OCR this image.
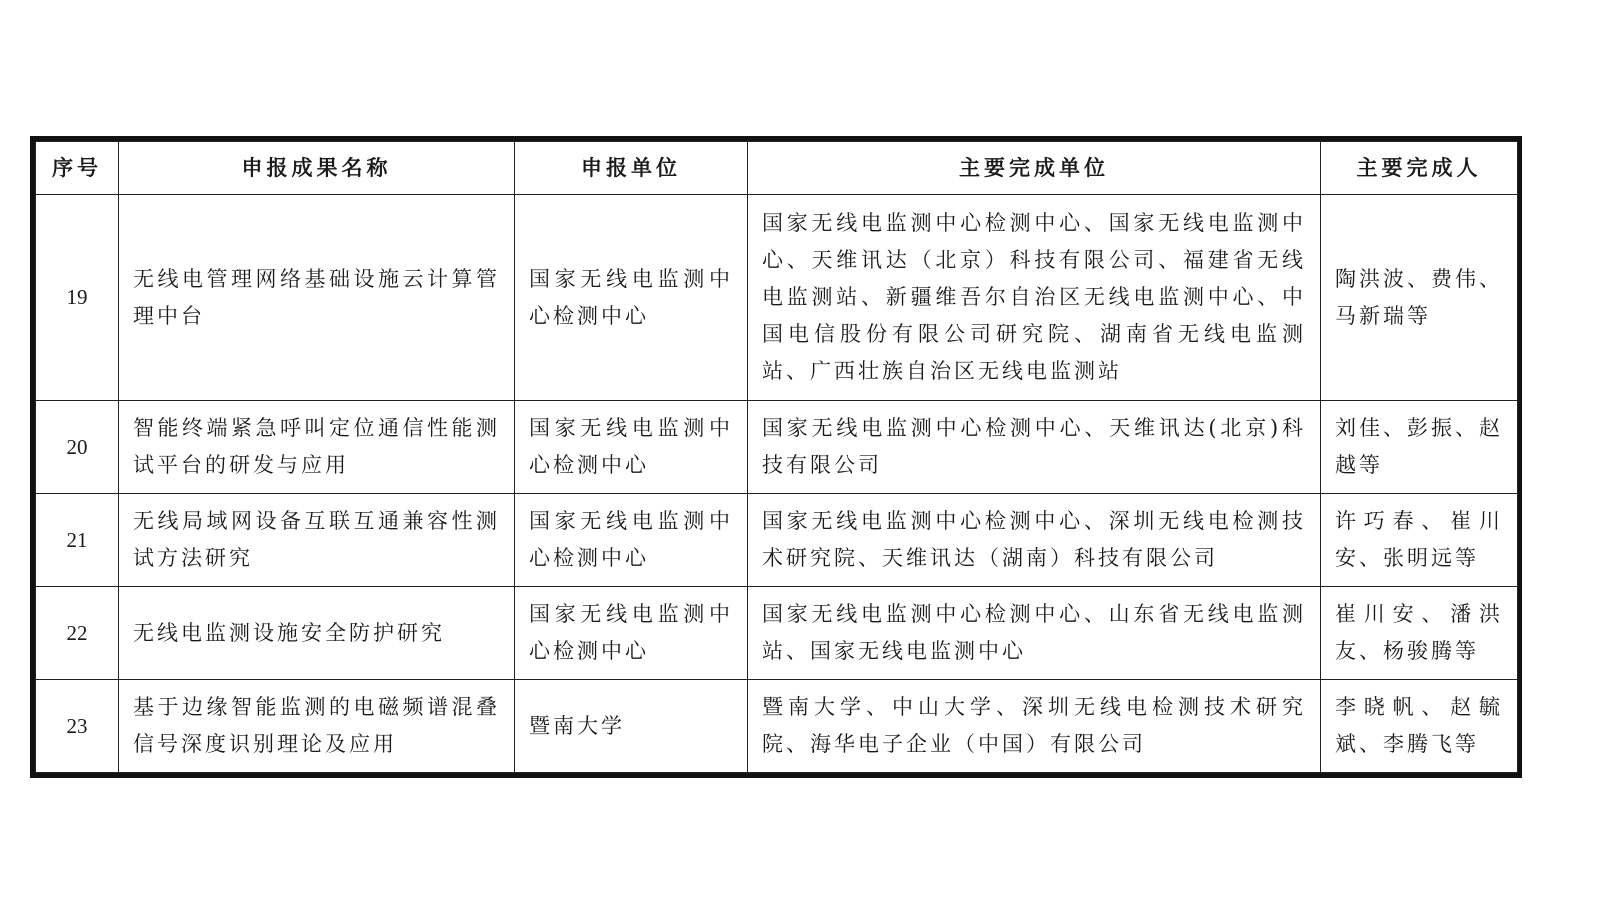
序号	申报成果名称	申报单位	主要完成单位	主要完成人
19	无线电管理网络基础设施云计算管理中台	国家无线电监测中心检测中心	国家无线电监测中心检测中心、国家无线电监测中心、天维讯达（北京）科技有限公司、福建省无线电监测站、新疆维吾尔自治区无线电监测中心、中国电信股份有限公司研究院、湖南省无线电监测站、广西壮族自治区无线电监测站	陶洪波、费伟、马新瑞等
20	智能终端紧急呼叫定位通信性能测试平台的研发与应用	国家无线电监测中心检测中心	国家无线电监测中心检测中心、天维讯达(北京)科技有限公司	刘佳、彭振、赵越等
21	无线局域网设备互联互通兼容性测试方法研究	国家无线电监测中心检测中心	国家无线电监测中心检测中心、深圳无线电检测技术研究院、天维讯达（湖南）科技有限公司	许巧春、崔川安、张明远等
22	无线电监测设施安全防护研究	国家无线电监测中心检测中心	国家无线电监测中心检测中心、山东省无线电监测站、国家无线电监测中心	崔川安、潘洪友、杨骏腾等
23	基于边缘智能监测的电磁频谱混叠信号深度识别理论及应用	暨南大学	暨南大学、中山大学、深圳无线电检测技术研究院、海华电子企业（中国）有限公司	李晓帆、赵毓斌、李腾飞等
